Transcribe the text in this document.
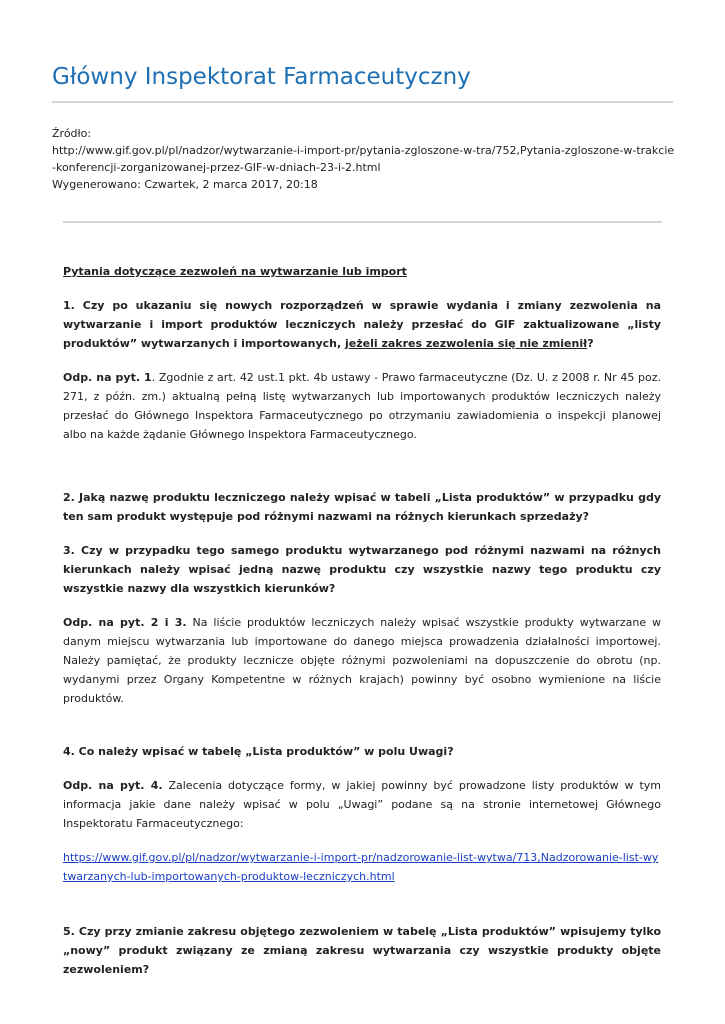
Główny Inspektorat Farmaceutyczny
Źródło:
http://www.gif.gov.pl/pl/nadzor/wytwarzanie-i-import-pr/pytania-zgloszone-w-tra/752,Pytania-zgloszone-w-trakcie-konferencji-zorganizowanej-przez-GIF-w-dniach-23-i-2.html
Wygenerowano: Czwartek, 2 marca 2017, 20:18

Pytania dotyczące zezwoleń na wytwarzanie lub import

1. Czy po ukazaniu się nowych rozporządzeń w sprawie wydania i zmiany zezwolenia na wytwarzanie i import produktów leczniczych należy przesłać do GIF zaktualizowane „listy produktów” wytwarzanych i importowanych, jeżeli zakres zezwolenia się nie zmienił?

Odp. na pyt. 1. Zgodnie z art. 42 ust.1 pkt. 4b ustawy - Prawo farmaceutyczne (Dz. U. z 2008 r. Nr 45 poz. 271, z późn. zm.) aktualną pełną listę wytwarzanych lub importowanych produktów leczniczych należy przesłać do Głównego Inspektora Farmaceutycznego po otrzymaniu zawiadomienia o inspekcji planowej albo na każde żądanie Głównego Inspektora Farmaceutycznego.

2. Jaką nazwę produktu leczniczego należy wpisać w tabeli „Lista produktów” w przypadku gdy ten sam produkt występuje pod różnymi nazwami na różnych kierunkach sprzedaży?

3. Czy w przypadku tego samego produktu wytwarzanego pod różnymi nazwami na różnych kierunkach należy wpisać jedną nazwę produktu czy wszystkie nazwy tego produktu czy wszystkie nazwy dla wszystkich kierunków?

Odp. na pyt. 2 i 3. Na liście produktów leczniczych należy wpisać wszystkie produkty wytwarzane w danym miejscu wytwarzania lub importowane do danego miejsca prowadzenia działalności importowej. Należy pamiętać, że produkty lecznicze objęte różnymi pozwoleniami na dopuszczenie do obrotu (np. wydanymi przez Organy Kompetentne w różnych krajach) powinny być osobno wymienione na liście produktów.

4. Co należy wpisać w tabelę „Lista produktów” w polu Uwagi?

Odp. na pyt. 4. Zalecenia dotyczące formy, w jakiej powinny być prowadzone listy produktów w tym informacja jakie dane należy wpisać w polu „Uwagi” podane są na stronie internetowej Głównego Inspektoratu Farmaceutycznego:

https://www.gif.gov.pl/pl/nadzor/wytwarzanie-i-import-pr/nadzorowanie-list-wytwa/713,Nadzorowanie-list-wytwarzanych-lub-importowanych-produktow-leczniczych.html

5. Czy przy zmianie zakresu objętego zezwoleniem w tabelę „Lista produktów” wpisujemy tylko „nowy” produkt związany ze zmianą zakresu wytwarzania czy wszystkie produkty objęte zezwoleniem?
